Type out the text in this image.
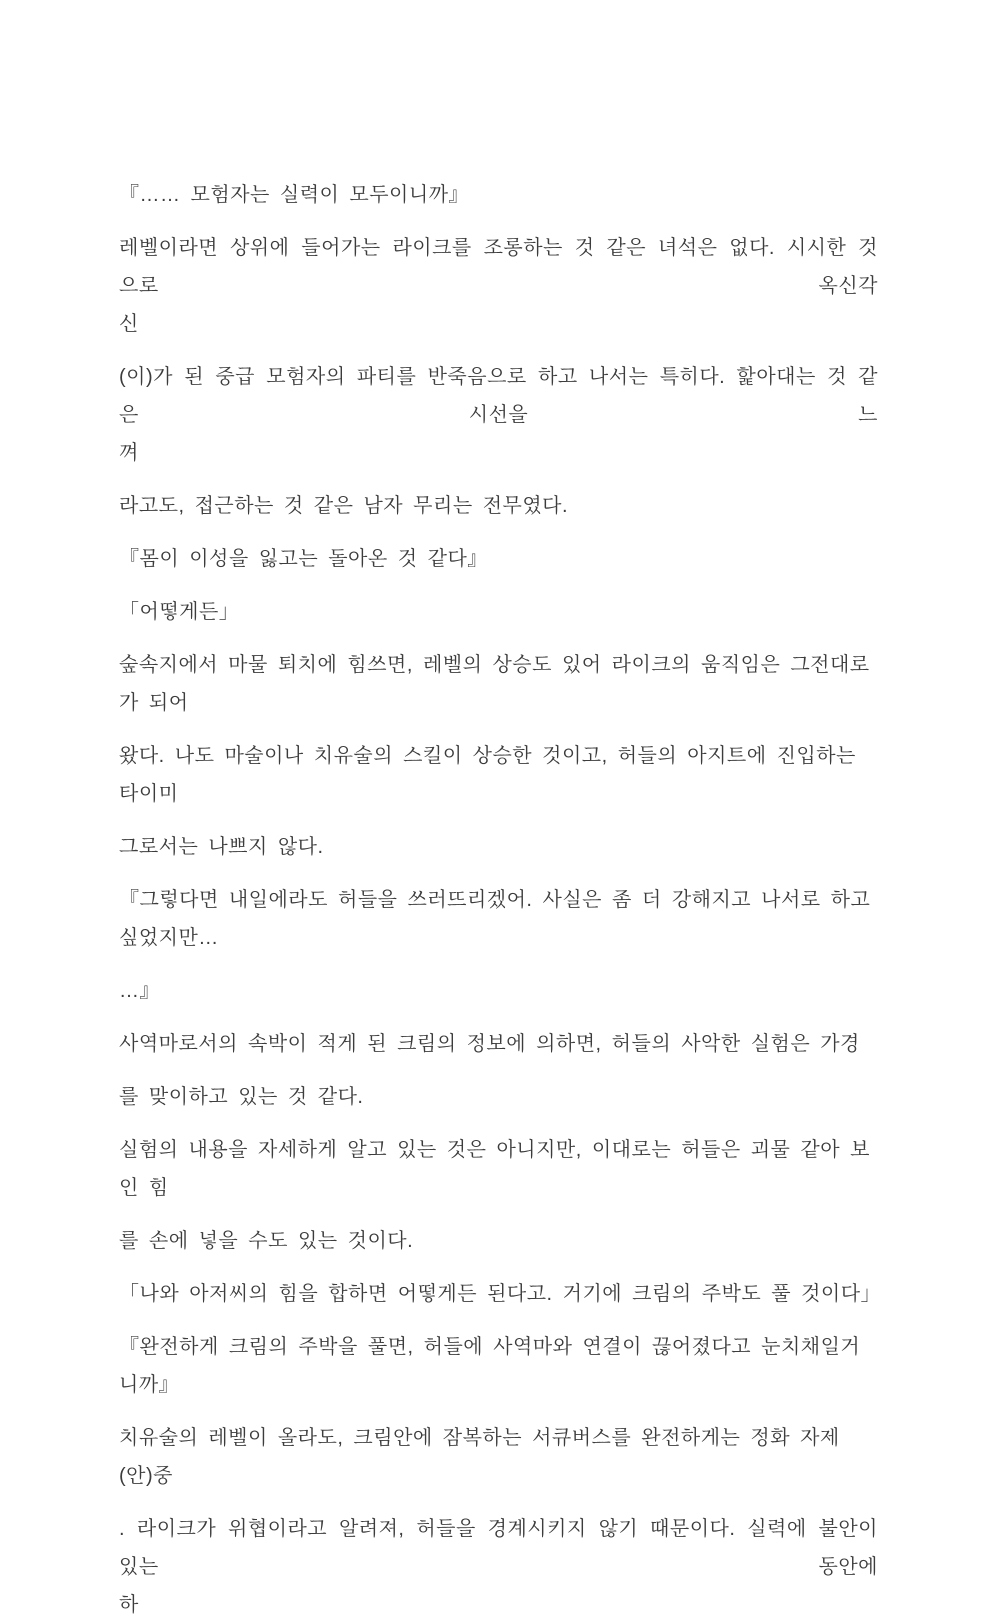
『…… 모험자는 실력이 모두이니까』

레벨이라면 상위에 들어가는 라이크를 조롱하는 것 같은 녀석은 없다. 시시한 것으로 옥신각
신

(이)가 된 중급 모험자의 파티를 반죽음으로 하고 나서는 특히다. 핥아대는 것 같은 시선을 느
껴

라고도, 접근하는 것 같은 남자 무리는 전무였다.

『몸이 이성을 잃고는 돌아온 것 같다』

「어떻게든」

숲속지에서 마물 퇴치에 힘쓰면, 레벨의 상승도 있어 라이크의 움직임은 그전대로가 되어

왔다. 나도 마술이나 치유술의 스킬이 상승한 것이고, 허들의 아지트에 진입하는 타이미

그로서는 나쁘지 않다.

『그렇다면 내일에라도 허들을 쓰러뜨리겠어. 사실은 좀 더 강해지고 나서로 하고 싶었지만…

…』

사역마로서의 속박이 적게 된 크림의 정보에 의하면, 허들의 사악한 실험은 가경

를 맞이하고 있는 것 같다.

실험의 내용을 자세하게 알고 있는 것은 아니지만, 이대로는 허들은 괴물 같아 보인 힘

를 손에 넣을 수도 있는 것이다.

「나와 아저씨의 힘을 합하면 어떻게든 된다고. 거기에 크림의 주박도 풀 것이다」

『완전하게 크림의 주박을 풀면, 허들에 사역마와 연결이 끊어졌다고 눈치채일거니까』

치유술의 레벨이 올라도, 크림안에 잠복하는 서큐버스를 완전하게는 정화 자제 (안)중

. 라이크가 위협이라고 알려져, 허들을 경계시키지 않기 때문이다. 실력에 불안이 있는 동안에
하
